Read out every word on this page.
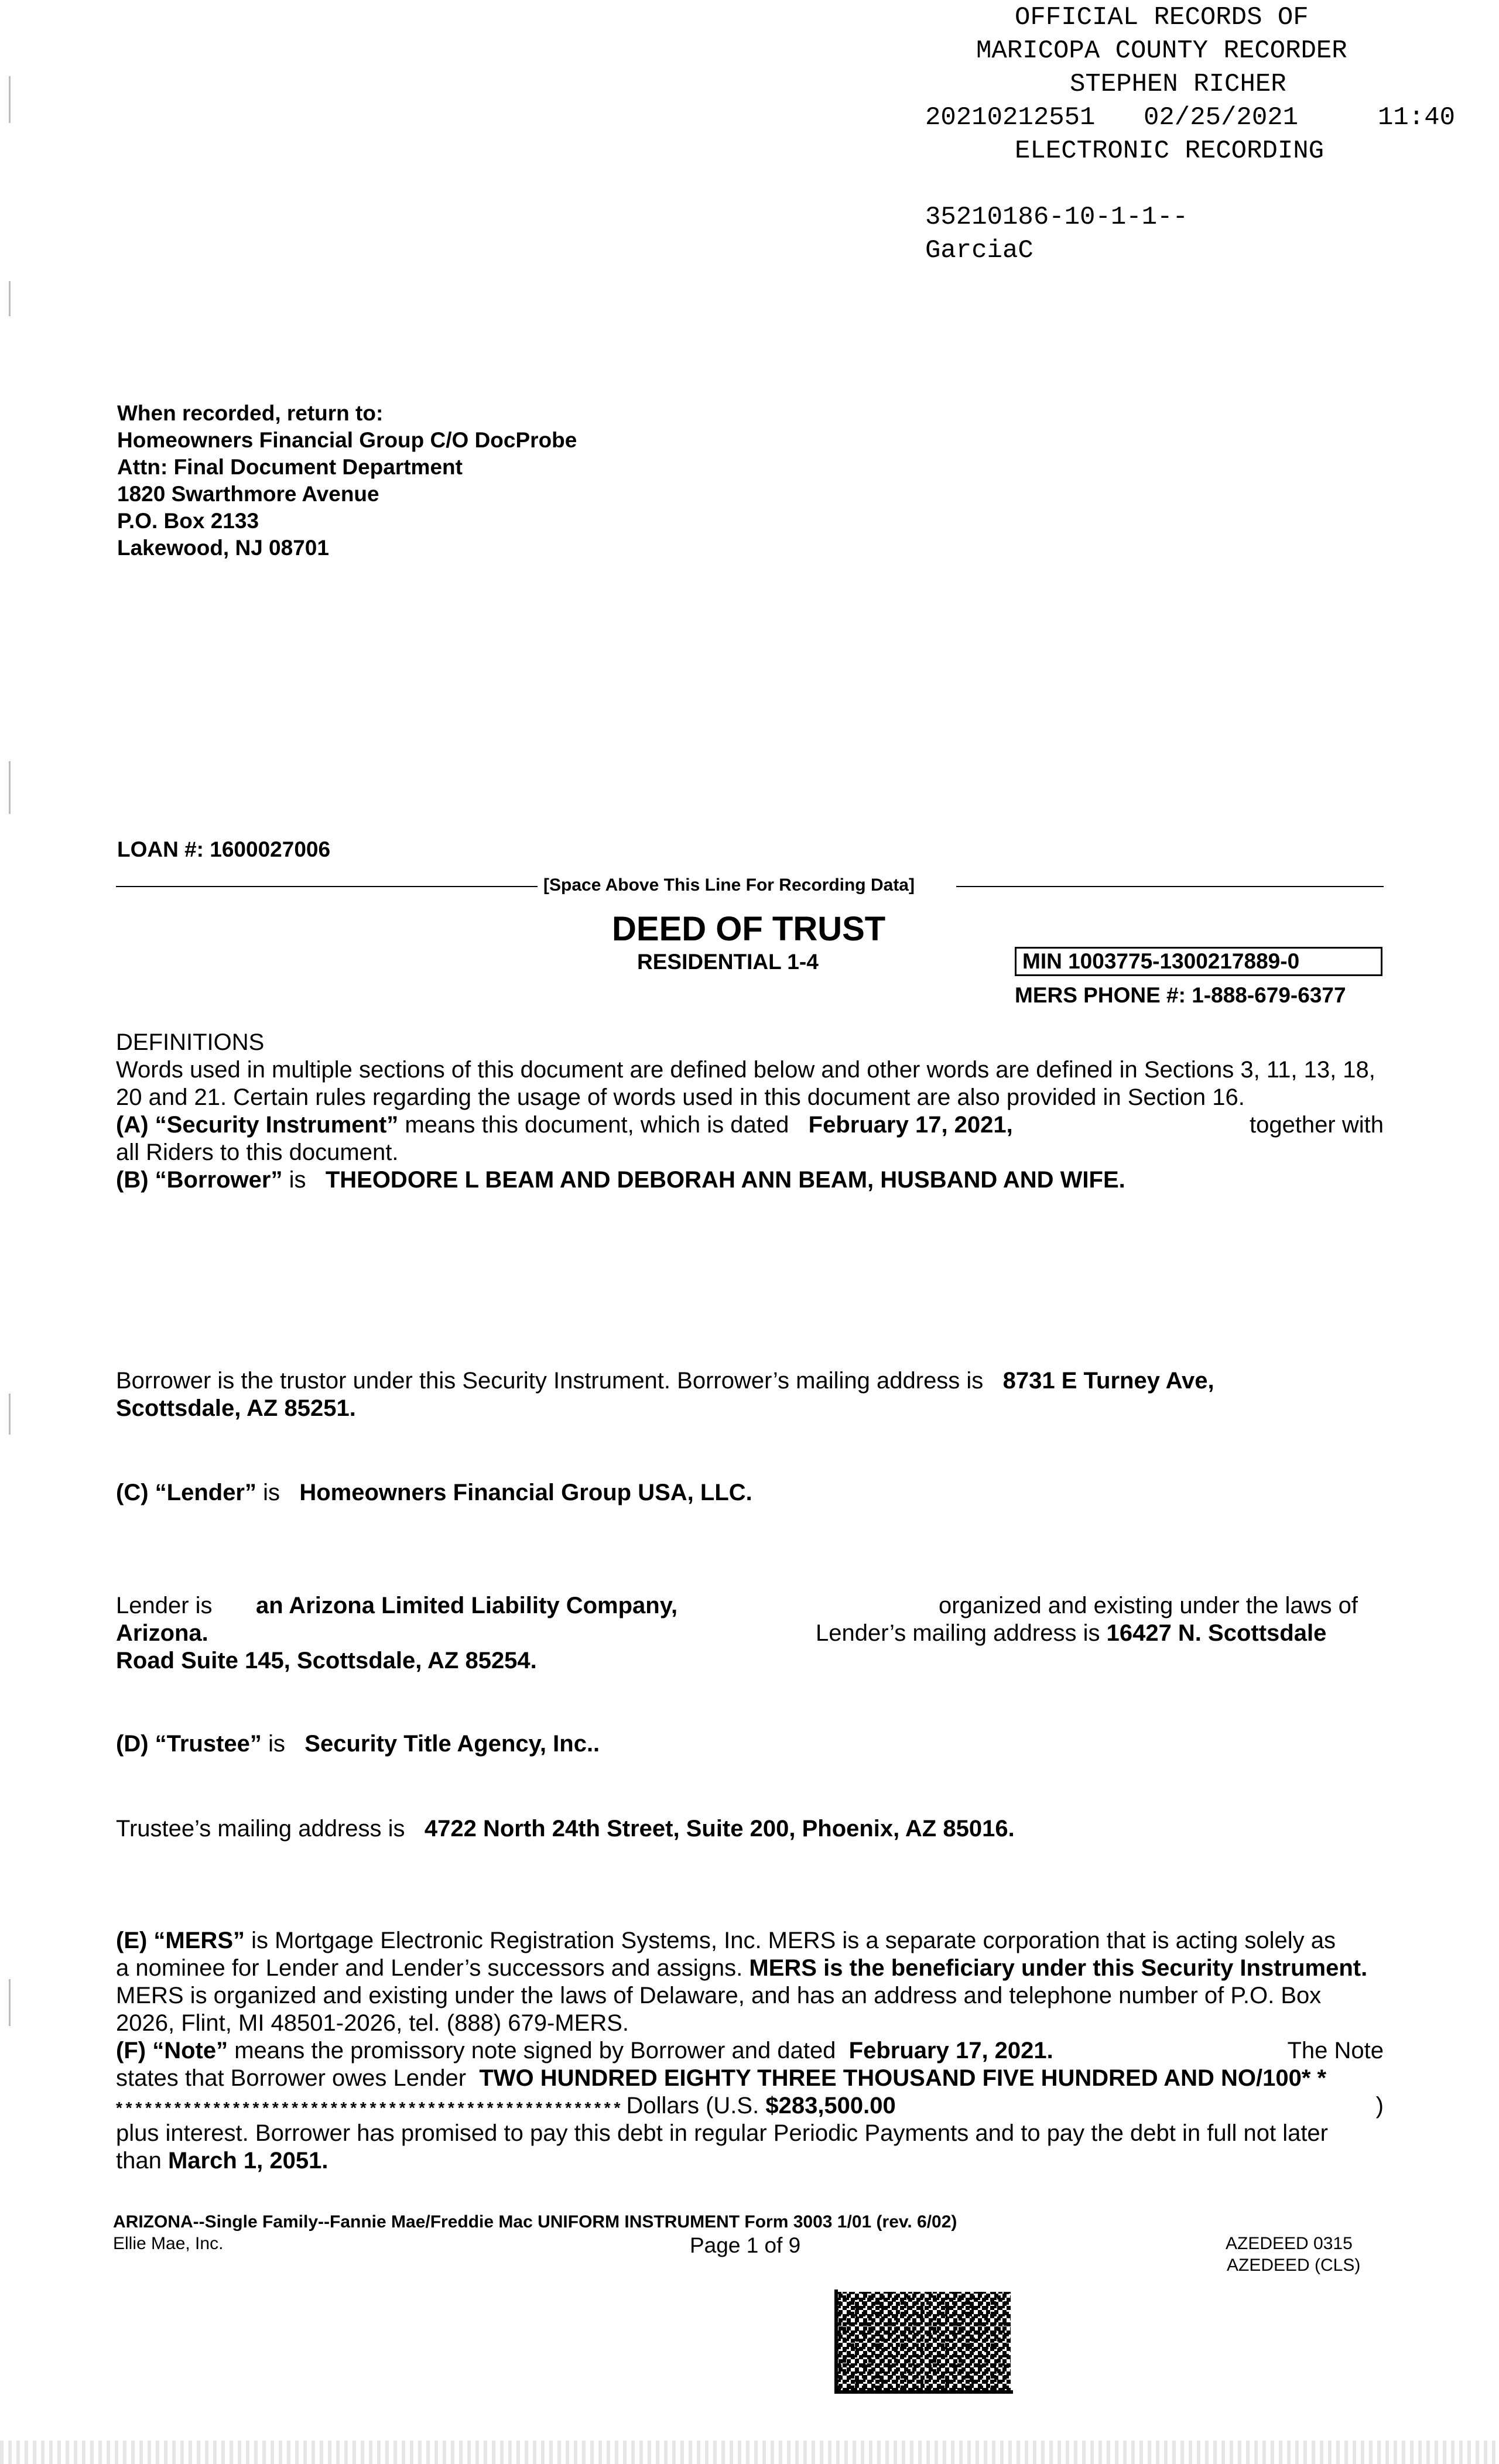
OFFICIAL RECORDS OF
MARICOPA COUNTY RECORDER
STEPHEN RICHER
20210212551 02/25/2021	11:40
ELECTRONIC RECORDING
35210186-10-1-1--
GarciaC
When recorded, return to:
Homeowners Financial Group C/O DocProbe
Attn: Final Document Department
1820 Swarthmore Avenue
P.O. Box 2133
Lakewood, NJ 08701
LOAN #: 1600027006
[Space Above This Line For Recording Data]
DEED OF TRUST
RESIDENTIAL 1-4	MIN 1003775-1300217889-0
MERS PHONE #: 1-888-679-6377
DEFINITIONS
Words used in multiple sections of this document are defined below and other words are defined in Sections 3, 11, 13, 18, 20 and 21. Certain rules regarding the usage of words used in this document are also provided in Section 16.
(A) “Security Instrument” means this document, which is dated February 17, 2021,	together with
all Riders to this document.
(B) “Borrower” is THEODORE L BEAM AND DEBORAH ANN BEAM, HUSBAND AND WIFE.
Borrower is the trustor under this Security Instrument. Borrower’s mailing address is 8731 E Turney Ave,
Scottsdale, AZ 85251.
(C) “Lender” is Homeowners Financial Group USA, LLC.
Lender is an Arizona Limited Liability Company,	organized and existing under the laws of
Arizona.	Lender’s mailing address is 16427 N. Scottsdale
Road Suite 145, Scottsdale, AZ 85254.
(D) “Trustee” is Security Title Agency, Inc..
Trustee’s mailing address is 4722 North 24th Street, Suite 200, Phoenix, AZ 85016.
(E) “MERS” is Mortgage Electronic Registration Systems, Inc. MERS is a separate corporation that is acting solely as
a nominee for Lender and Lender’s successors and assigns. MERS is the beneficiary under this Security Instrument.
MERS is organized and existing under the laws of Delaware, and has an address and telephone number of P.O. Box
2026, Flint, MI 48501-2026, tel. (888) 679-MERS.
(F) “Note” means the promissory note signed by Borrower and dated February 17, 2021.	The Note
states that Borrower owes Lender TWO HUNDRED EIGHTY THREE THOUSAND FIVE HUNDRED AND NO/100* *
* * * * * * * * * * * * * * * * * * * * * * * * * * * * * * * * * * * * * * * * * * * * * * * * * * * * Dollars (U.S. $283,500.00	)
plus interest. Borrower has promised to pay this debt in regular Periodic Payments and to pay the debt in full not later
than March 1, 2051.
ARIZONA--Single Family--Fannie Mae/Freddie Mac UNIFORM INSTRUMENT Form 3003 1/01 (rev. 6/02)
Ellie Mae, Inc.	Page 1 of 9	AZEDEED 0315
AZEDEED (CLS)
